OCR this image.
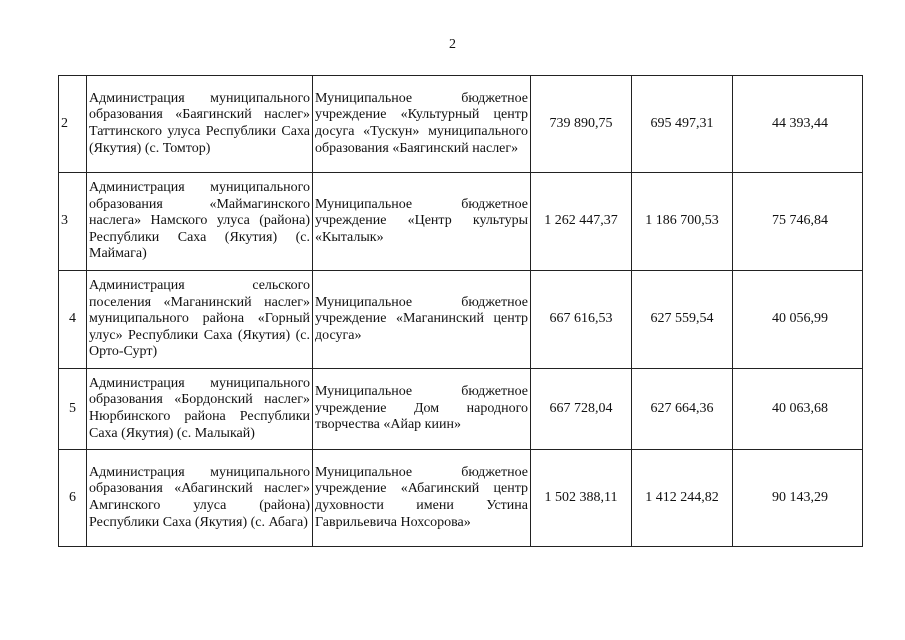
2
2	Администрация муниципального образования «Баягинский наслег» Таттинского улуса Республики Саха (Якутия) (с. Томтор)	Муниципальное бюджетное учреждение «Культурный центр досуга «Тускун» муниципального образования «Баягинский наслег»	739 890,75	695 497,31	44 393,44
3	Администрация муниципального образования «Маймагинского наслега» Намского улуса (района) Республики Саха (Якутия) (с. Маймага)	Муниципальное бюджетное учреждение «Центр культуры «Кыталык»	1 262 447,37	1 186 700,53	75 746,84
4	Администрация сельского поселения «Маганинский наслег» муниципального района «Горный улус» Республики Саха (Якутия) (с. Орто-Сурт)	Муниципальное бюджетное учреждение «Маганинский центр досуга»	667 616,53	627 559,54	40 056,99
5	Администрация муниципального образования «Бордонский наслег» Нюрбинского района Республики Саха (Якутия) (с. Малыкай)	Муниципальное бюджетное учреждение Дом народного творчества «Айар киин»	667 728,04	627 664,36	40 063,68
6	Администрация муниципального образования «Абагинский наслег» Амгинского улуса (района) Республики Саха (Якутия) (с. Абага)	Муниципальное бюджетное учреждение «Абагинский центр духовности имени Устина Гаврильевича Нохсорова»	1 502 388,11	1 412 244,82	90 143,29
